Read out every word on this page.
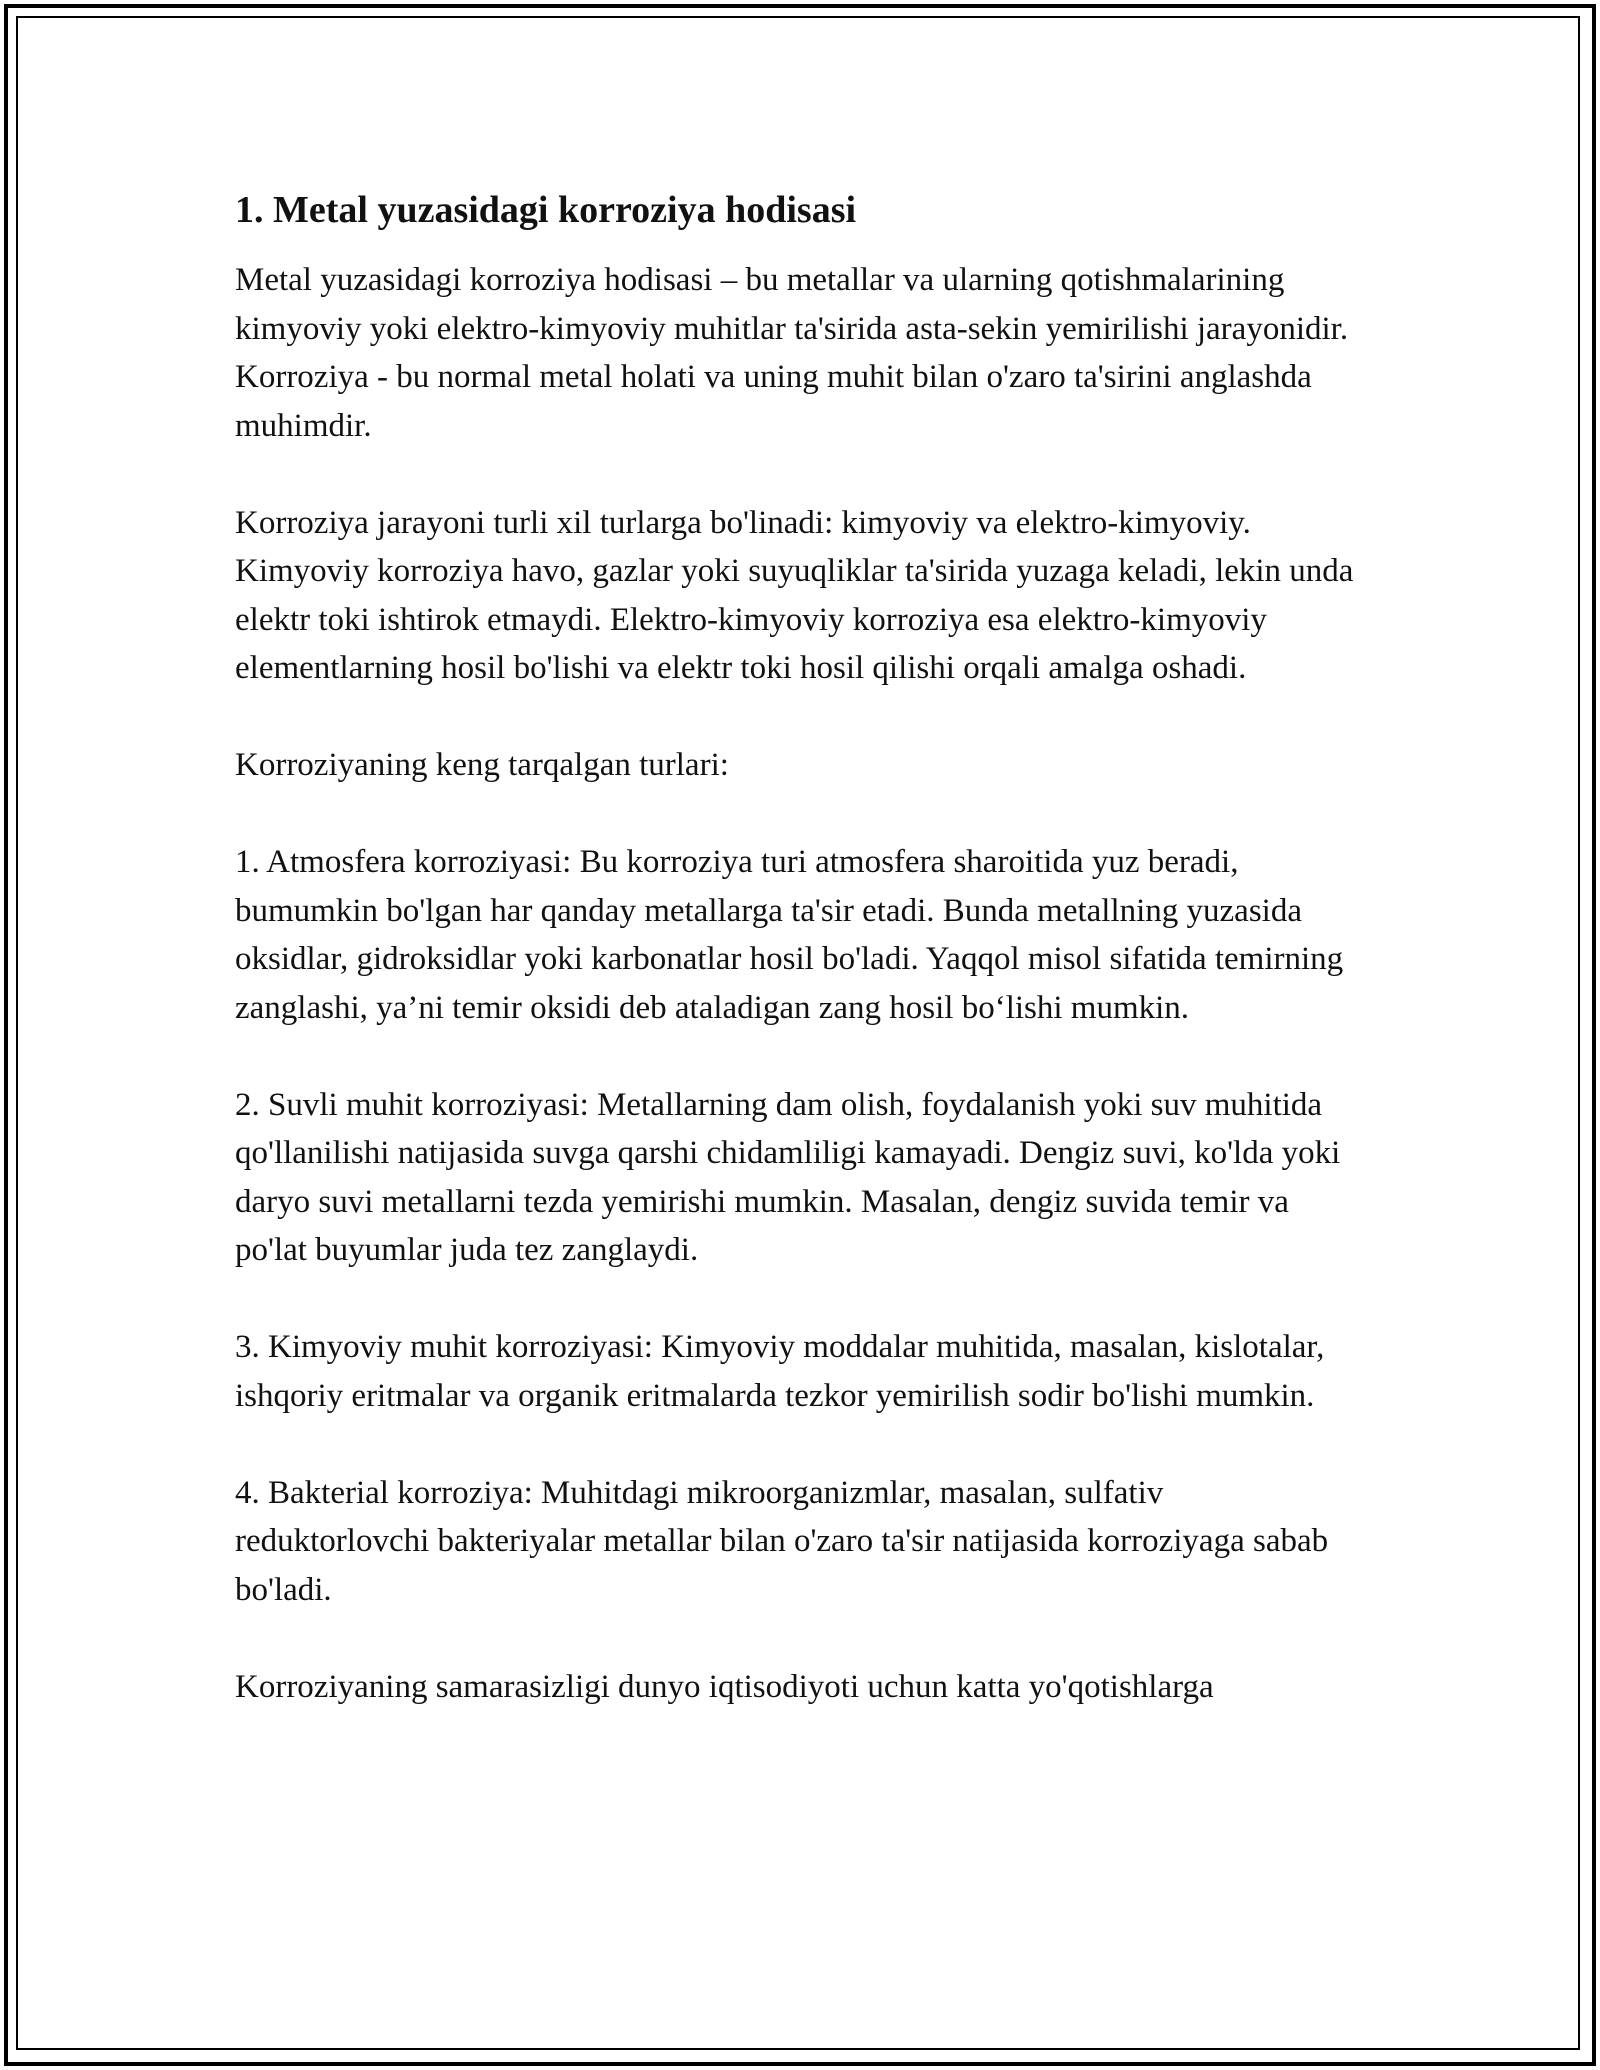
1. Metal yuzasidagi korroziya hodisasi

Metal yuzasidagi korroziya hodisasi – bu metallar va ularning qotishmalarining kimyoviy yoki elektro-kimyoviy muhitlar ta'sirida asta-sekin yemirilishi jarayonidir. Korroziya - bu normal metal holati va uning muhit bilan o'zaro ta'sirini anglashda muhimdir.

Korroziya jarayoni turli xil turlarga bo'linadi: kimyoviy va elektro-kimyoviy. Kimyoviy korroziya havo, gazlar yoki suyuqliklar ta'sirida yuzaga keladi, lekin unda elektr toki ishtirok etmaydi. Elektro-kimyoviy korroziya esa elektro-kimyoviy elementlarning hosil bo'lishi va elektr toki hosil qilishi orqali amalga oshadi.

Korroziyaning keng tarqalgan turlari:

1. Atmosfera korroziyasi: Bu korroziya turi atmosfera sharoitida yuz beradi, bumumkin bo'lgan har qanday metallarga ta'sir etadi. Bunda metallning yuzasida oksidlar, gidroksidlar yoki karbonatlar hosil bo'ladi. Yaqqol misol sifatida temirning zanglashi, ya’ni temir oksidi deb ataladigan zang hosil bo‘lishi mumkin.

2. Suvli muhit korroziyasi: Metallarning dam olish, foydalanish yoki suv muhitida qo'llanilishi natijasida suvga qarshi chidamliligi kamayadi. Dengiz suvi, ko'lda yoki daryo suvi metallarni tezda yemirishi mumkin. Masalan, dengiz suvida temir va po'lat buyumlar juda tez zanglaydi.

3. Kimyoviy muhit korroziyasi: Kimyoviy moddalar muhitida, masalan, kislotalar, ishqoriy eritmalar va organik eritmalarda tezkor yemirilish sodir bo'lishi mumkin.

4. Bakterial korroziya: Muhitdagi mikroorganizmlar, masalan, sulfativ reduktorlovchi bakteriyalar metallar bilan o'zaro ta'sir natijasida korroziyaga sabab bo'ladi.

Korroziyaning samarasizligi dunyo iqtisodiyoti uchun katta yo'qotishlarga
